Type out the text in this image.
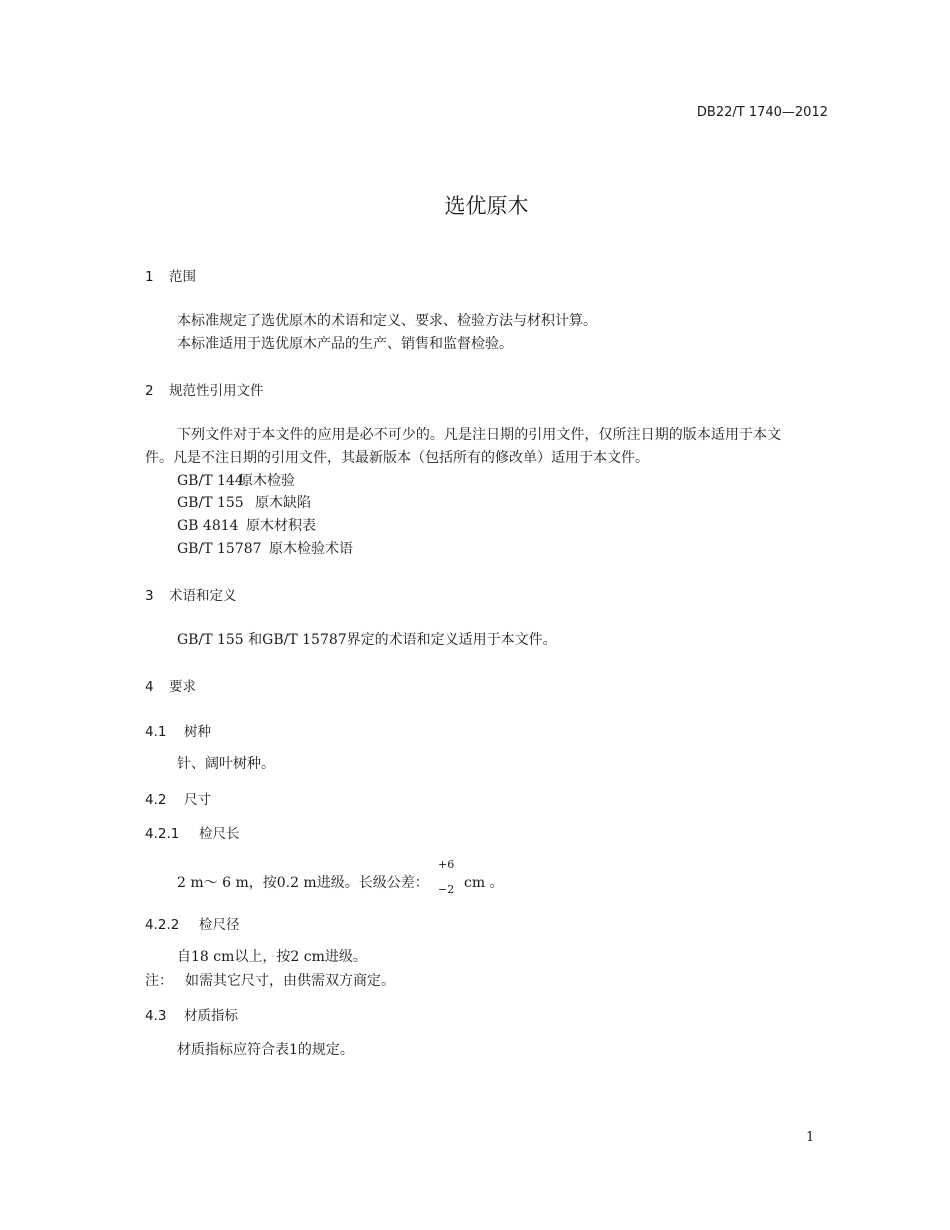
DB22/T 1740—2012
选优原木
1 范围
本标准规定了选优原木的术语和定义、要求、检验方法与材积计算。
本标准适用于选优原木产品的生产、销售和监督检验。
2 规范性引用文件
下列文件对于本文件的应用是必不可少的。凡是注日期的引用文件，仅所注日期的版本适用于本文
件。凡是不注日期的引用文件，其最新版本（包括所有的修改单）适用于本文件。
GB/T 144原木检验
GB/T 155 原木缺陷
GB 4814 原木材积表
GB/T 15787 原木检验术语
3 术语和定义
GB/T 155 和GB/T 15787界定的术语和定义适用于本文件。
4 要求
4.1 树种
针、阔叶树种。
4.2 尺寸
4.2.1 检尺长
2 m～ 6 m，按0.2 m进级。长级公差：
+6
−2 cm 。
4.2.2 检尺径
自18 cm以上，按2 cm进级。
注： 如需其它尺寸，由供需双方商定。
4.3 材质指标
材质指标应符合表1的规定。
1
